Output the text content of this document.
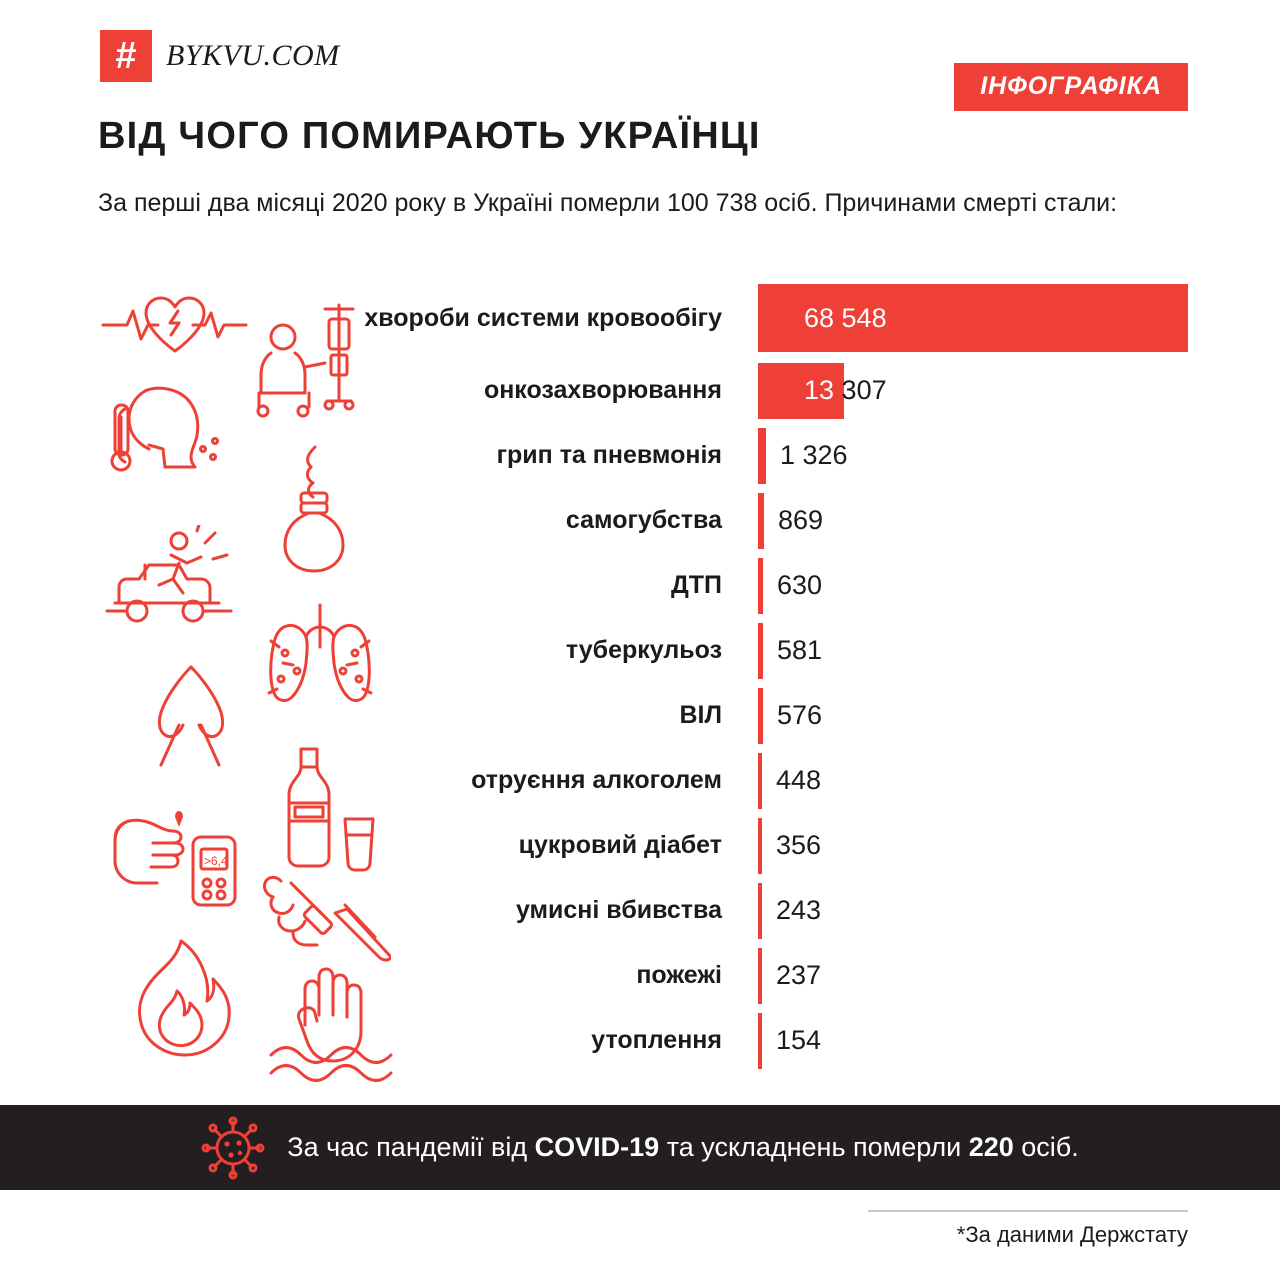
# BYKVU.COM
ІНФОГРАФІКА
ВІД ЧОГО ПОМИРАЮТЬ УКРАЇНЦІ
За перші два місяці 2020 року в Україні померли 100 738 осіб. Причинами смерті стали:
>6,4
хвороби системи кровообігу	68 548
онкозахворювання	13 307
грип та пневмонія	1 326
самогубства	869
ДТП	630
туберкульоз	581
ВІЛ	576
отруєння алкоголем	448
цукровий діабет	356
умисні вбивства	243
пожежі	237
утоплення	154
За час пандемії від COVID-19 та ускладнень померли 220 осіб.
*За даними Держстату
